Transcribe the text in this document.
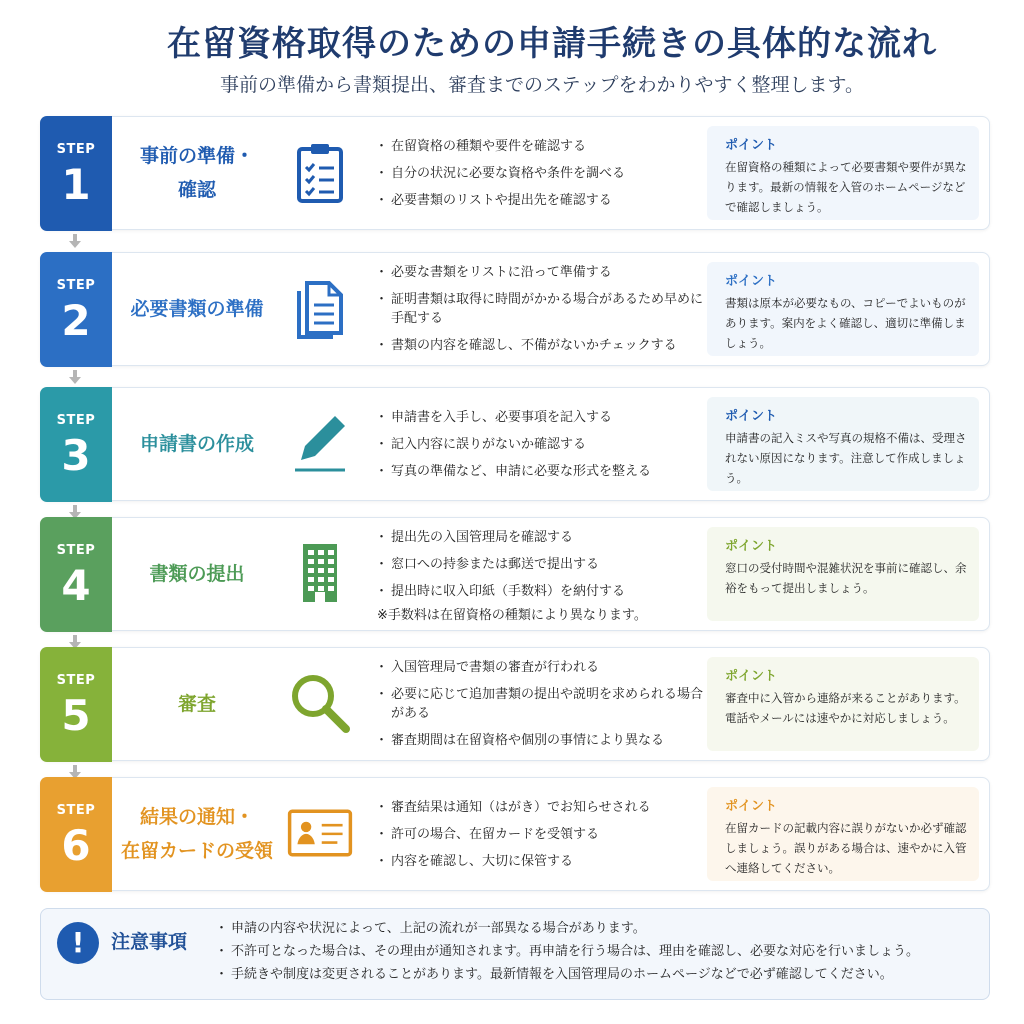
在留資格取得のための申請手続きの具体的な流れ
事前の準備から書類提出、審査までのステップをわかりやすく整理します。
STEP
1
事前の準備・
確認
・ 在留資格の種類や要件を確認する
・ 自分の状況に必要な資格や条件を調べる
・ 必要書類のリストや提出先を確認する
ポイント
在留資格の種類によって必要書類や要件が異なります。最新の情報を入管のホームページなどで確認しましょう。
STEP
2	必要書類の準備
・ 必要な書類をリストに沿って準備する
・ 証明書類は取得に時間がかかる場合があるため早めに手配する
・ 書類の内容を確認し、不備がないかチェックする
ポイント
書類は原本が必要なもの、コピーでよいものがあります。案内をよく確認し、適切に準備しましょう。
STEP
3	申請書の作成
・ 申請書を入手し、必要事項を記入する
・ 記入内容に誤りがないか確認する
・ 写真の準備など、申請に必要な形式を整える
ポイント
申請書の記入ミスや写真の規格不備は、受理されない原因になります。注意して作成しましょう。
STEP
4	書類の提出
・ 提出先の入国管理局を確認する
・ 窓口への持参または郵送で提出する
・ 提出時に収入印紙（手数料）を納付する
※手数料は在留資格の種類により異なります。
ポイント
窓口の受付時間や混雑状況を事前に確認し、余裕をもって提出しましょう。
STEP
5	審査
・ 入国管理局で書類の審査が行われる
・ 必要に応じて追加書類の提出や説明を求められる場合がある
・ 審査期間は在留資格や個別の事情により異なる
ポイント
審査中に入管から連絡が来ることがあります。電話やメールには速やかに対応しましょう。
STEP
6
結果の通知・
在留カードの受領
・ 審査結果は通知（はがき）でお知らせされる
・ 許可の場合、在留カードを受領する
・ 内容を確認し、大切に保管する
ポイント
在留カードの記載内容に誤りがないか必ず確認しましょう。誤りがある場合は、速やかに入管へ連絡してください。
!	注意事項
・ 申請の内容や状況によって、上記の流れが一部異なる場合があります。
・ 不許可となった場合は、その理由が通知されます。再申請を行う場合は、理由を確認し、必要な対応を行いましょう。
・ 手続きや制度は変更されることがあります。最新情報を入国管理局のホームページなどで必ず確認してください。
